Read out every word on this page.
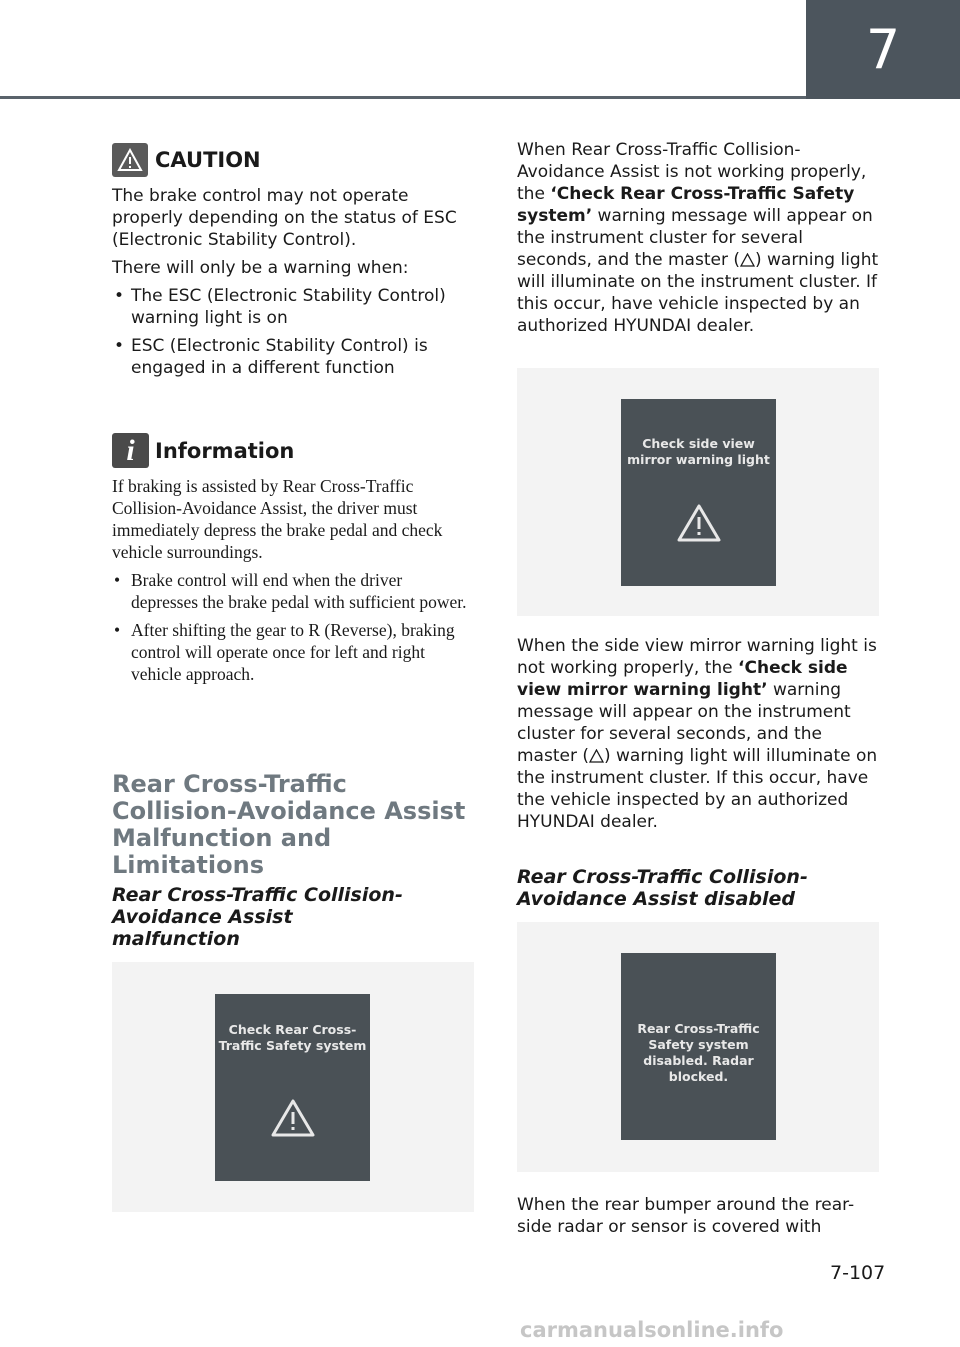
7
CAUTION

The brake control may not operate properly depending on the status of ESC (Electronic Stability Control).

There will only be a warning when:

• The ESC (Electronic Stability Control) warning light is on
• ESC (Electronic Stability Control) is engaged in a different function
i Information

If braking is assisted by Rear Cross-Traffic Collision-Avoidance Assist, the driver must immediately depress the brake pedal and check vehicle surroundings.

• Brake control will end when the driver depresses the brake pedal with sufficient power.
• After shifting the gear to R (Reverse), braking control will operate once for left and right vehicle approach.

Rear Cross-Traffic Collision-Avoidance Assist Malfunction and Limitations

Rear Cross-Traffic Collision-Avoidance Assist malfunction

Check Rear Cross-Traffic Safety system

When Rear Cross-Traffic Collision-Avoidance Assist is not working properly, the ‘Check Rear Cross-Traffic Safety system’ warning message will appear on the instrument cluster for several seconds, and the master ( ) warning light will illuminate on the instrument cluster. If this occur, have vehicle inspected by an authorized HYUNDAI dealer.

Check side view mirror warning light

When the side view mirror warning light is not working properly, the ‘Check side view mirror warning light’ warning message will appear on the instrument cluster for several seconds, and the master ( ) warning light will illuminate on the instrument cluster. If this occur, have the vehicle inspected by an authorized HYUNDAI dealer.

Rear Cross-Traffic Collision-Avoidance Assist disabled

Rear Cross-Traffic Safety system disabled. Radar blocked.

When the rear bumper around the rear-side radar or sensor is covered with

7-107
carmanualsonline.info
